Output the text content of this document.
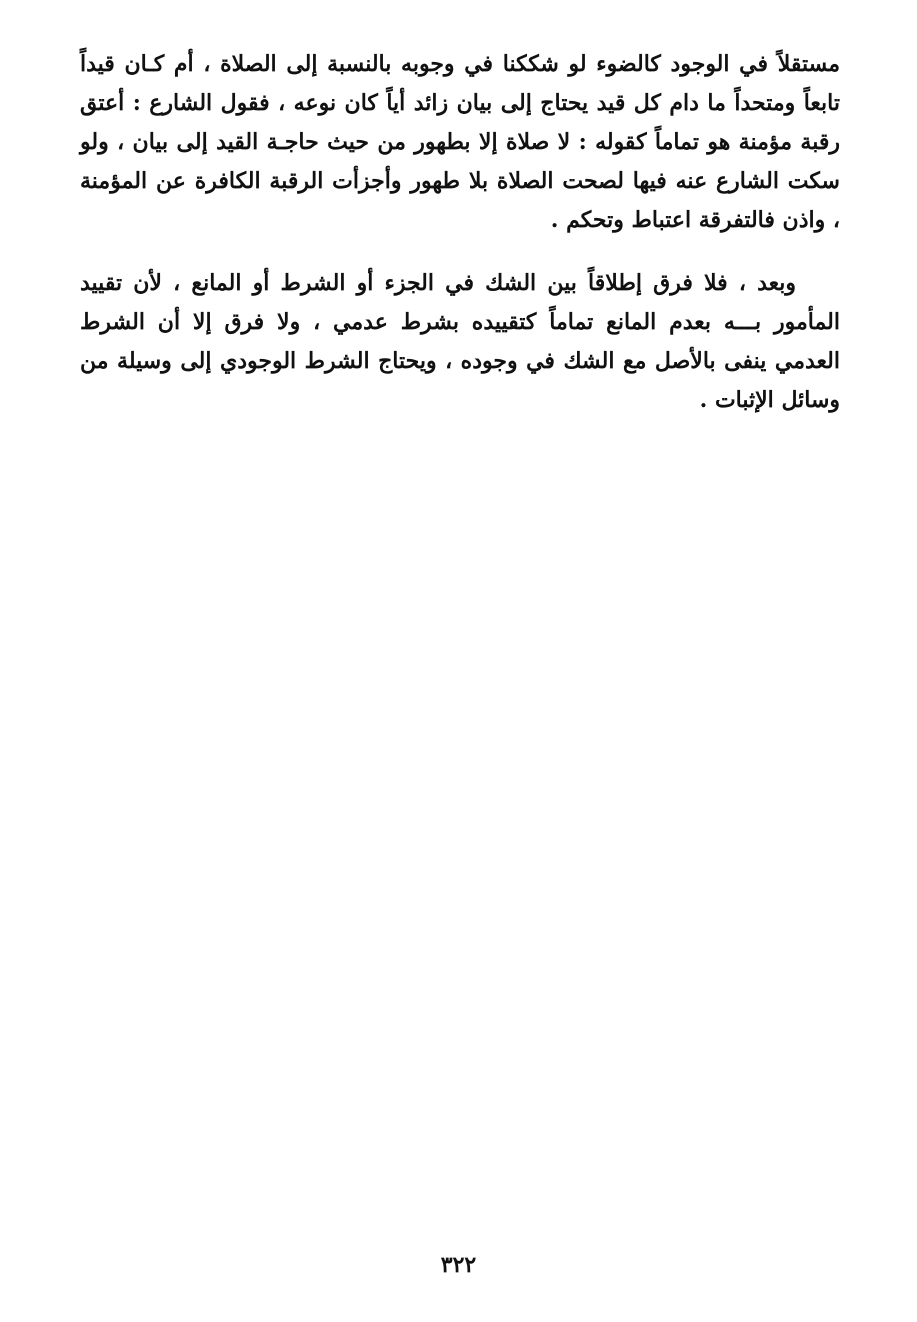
مستقلاً في الوجود كالضوء لو شككنا في وجوبه بالنسبة إلى الصلاة ، أم كـان قيداً تابعاً ومتحداً ما دام كل قيد يحتاج إلى بيان زائد أياً كان نوعه ، فقول الشارع : أعتق رقبة مؤمنة هو تماماً كقوله : لا صلاة إلا بطهور من حيث حاجـة القيد إلى بيان ، ولو سكت الشارع عنه فيها لصحت الصلاة بلا طهور وأجزأت الرقبة الكافرة عن المؤمنة ، واذن فالتفرقة اعتباط وتحكم .

وبعد ، فلا فرق إطلاقاً بين الشك في الجزء أو الشرط أو المانع ، لأن تقييد المأمور بـــه بعدم المانع تماماً كتقييده بشرط عدمي ، ولا فرق إلا أن الشرط العدمي ينفى بالأصل مع الشك في وجوده ، ويحتاج الشرط الوجودي إلى وسيلة من وسائل الإثبات .

٣٢٢
